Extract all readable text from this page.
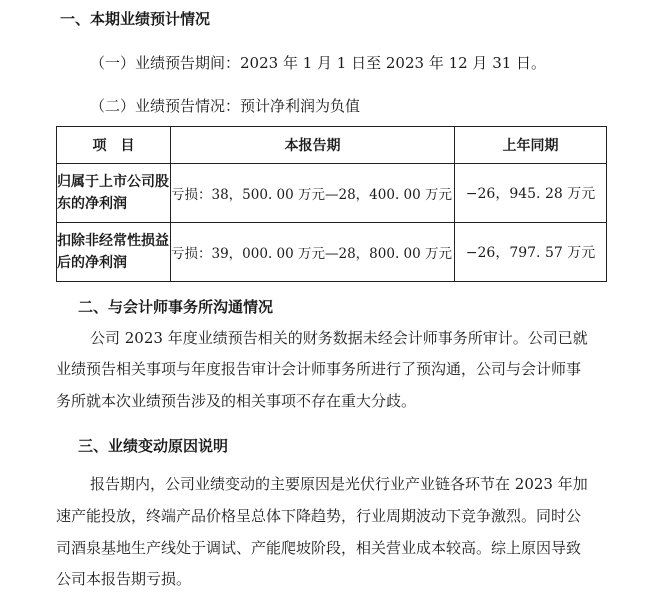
一、本期业绩预计情况
（一）业绩预告期间：2023 年 1 月 1 日至 2023 年 12 月 31 日。
（二）业绩预告情况：预计净利润为负值
项　目	本报告期	上年同期
归属于上市公司股东的净利润	亏损：38，500. 00 万元—28，400. 00 万元	−26，945. 28 万元
扣除非经常性损益后的净利润	亏损：39，000. 00 万元—28，800. 00 万元	−26，797. 57 万元
二、与会计师事务所沟通情况
公司 2023 年度业绩预告相关的财务数据未经会计师事务所审计。公司已就
业绩预告相关事项与年度报告审计会计师事务所进行了预沟通，公司与会计师事
务所就本次业绩预告涉及的相关事项不存在重大分歧。
三、业绩变动原因说明
报告期内，公司业绩变动的主要原因是光伏行业产业链各环节在 2023 年加
速产能投放，终端产品价格呈总体下降趋势，行业周期波动下竞争激烈。同时公
司酒泉基地生产线处于调试、产能爬坡阶段，相关营业成本较高。综上原因导致
公司本报告期亏损。
